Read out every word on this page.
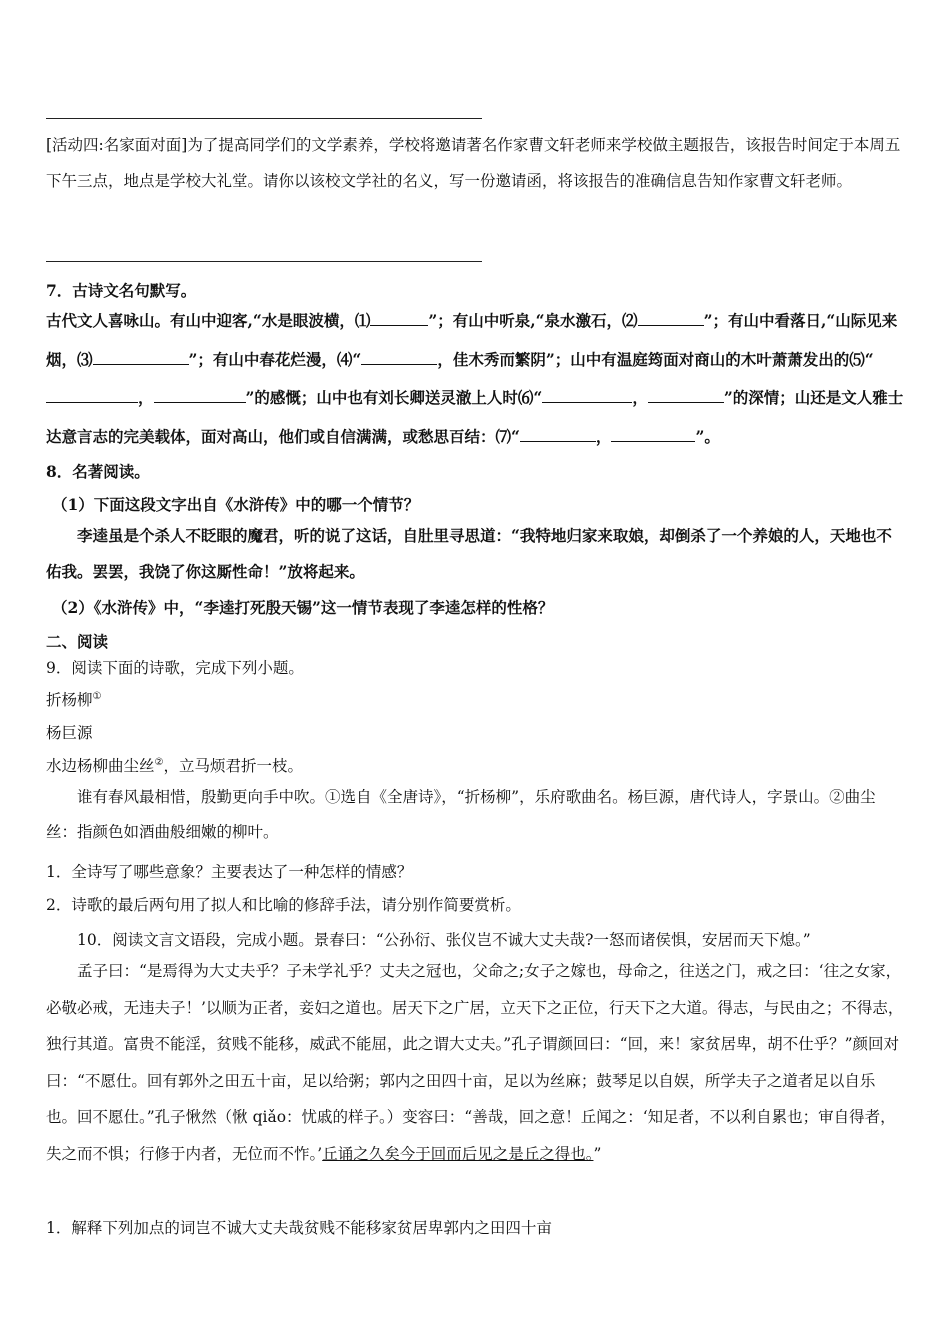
[活动四:名家面对面]为了提高同学们的文学素养，学校将邀请著名作家曹文轩老师来学校做主题报告，该报告时间定于本周五下午三点，地点是学校大礼堂。请你以该校文学社的名义，写一份邀请函，将该报告的准确信息告知作家曹文轩老师。
7．古诗文名句默写。
古代文人喜咏山。有山中迎客,“水是眼波横，⑴	”；有山中听泉,“泉水激石，⑵	”；有山中看落日,“山际见来烟，⑶	”；有山中春花烂漫，⑷“	，佳木秀而繁阴”；山中有温庭筠面对商山的木叶萧萧发出的⑸“，	”的感慨；山中也有刘长卿送灵澈上人时⑹“	，	”的深情；山还是文人雅士达意言志的完美载体，面对高山，他们或自信满满，或愁思百结：⑺“	，	”。
8．名著阅读。
（1）下面这段文字出自《水浒传》中的哪一个情节？
李逵虽是个杀人不眨眼的魔君，听的说了这话，自肚里寻思道：“我特地归家来取娘，却倒杀了一个养娘的人，天地也不佑我。罢罢，我饶了你这厮性命！”放将起来。
（2）《水浒传》中，“李逵打死殷天锡”这一情节表现了李逵怎样的性格？
二、阅读
9．阅读下面的诗歌，完成下列小题。
折杨柳①
杨巨源
水边杨柳曲尘丝②，立马烦君折一枝。
谁有春风最相惜，殷勤更向手中吹。①选自《全唐诗》，“折杨柳”，乐府歌曲名。杨巨源，唐代诗人，字景山。②曲尘丝：指颜色如酒曲般细嫩的柳叶。
1．全诗写了哪些意象？主要表达了一种怎样的情感？
2．诗歌的最后两句用了拟人和比喻的修辞手法，请分别作简要赏析。
10．阅读文言文语段，完成小题。景春曰：“公孙衍、张仪岂不诚大丈夫哉?一怒而诸侯惧，安居而天下熄。”
孟子曰：“是焉得为大丈夫乎？子未学礼乎？丈夫之冠也，父命之;女子之嫁也，母命之，往送之门，戒之曰：‘往之女家，必敬必戒，无违夫子！’以顺为正者，妾妇之道也。居天下之广居，立天下之正位，行天下之大道。得志，与民由之；不得志，独行其道。富贵不能淫，贫贱不能移，威武不能屈，此之谓大丈夫。”孔子谓颜回曰：“回，来！家贫居卑，胡不仕乎？”颜回对曰：“不愿仕。回有郭外之田五十亩，足以给粥；郭内之田四十亩，足以为丝麻；鼓琴足以自娱，所学夫子之道者足以自乐也。回不愿仕。”孔子愀然（愀 qiǎo：忧戚的样子。）变容曰：“善哉，回之意！丘闻之：‘知足者，不以利自累也；审自得者，失之而不惧；行修于内者，无位而不怍。’丘诵之久矣今于回而后见之是丘之得也。”
1．解释下列加点的词岂不诚大丈夫哉贫贱不能移家贫居卑郭内之田四十亩
